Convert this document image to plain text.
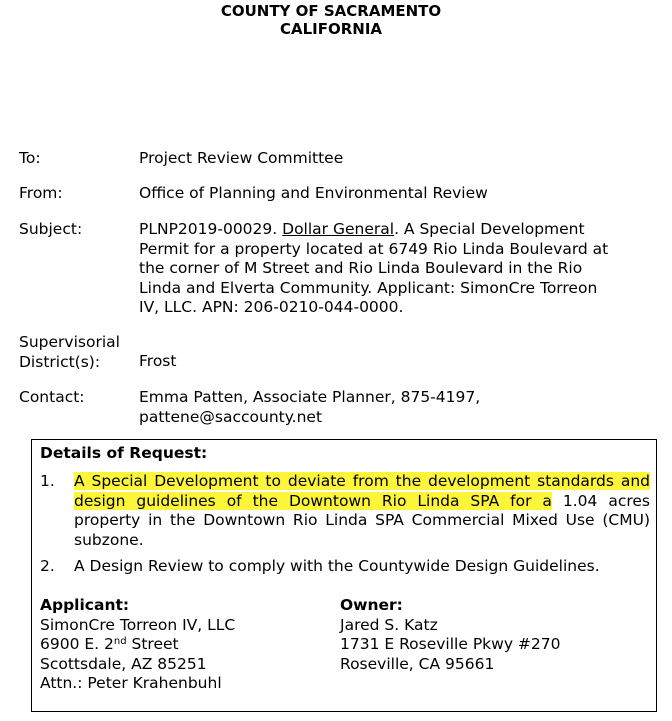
COUNTY OF SACRAMENTO
CALIFORNIA
To:	Project Review Committee
From:	Office of Planning and Environmental Review
Subject:	PLNP2019-00029. Dollar General. A Special Development
Permit for a property located at 6749 Rio Linda Boulevard at
the corner of M Street and Rio Linda Boulevard in the Rio
Linda and Elverta Community. Applicant: SimonCre Torreon
IV, LLC. APN: 206-0210-044-0000.
Supervisorial
District(s):	Frost
Contact:	Emma Patten, Associate Planner, 875-4197,
pattene@saccounty.net
Details of Request:
1. A Special Development to deviate from the development standards and
design guidelines of the Downtown Rio Linda SPA for a 1.04 acres
property in the Downtown Rio Linda SPA Commercial Mixed Use (CMU)
subzone.
2. A Design Review to comply with the Countywide Design Guidelines.
Applicant:
SimonCre Torreon IV, LLC
6900 E. 2nd Street
Scottsdale, AZ 85251
Attn.: Peter Krahenbuhl
Owner:
Jared S. Katz
1731 E Roseville Pkwy #270
Roseville, CA 95661
